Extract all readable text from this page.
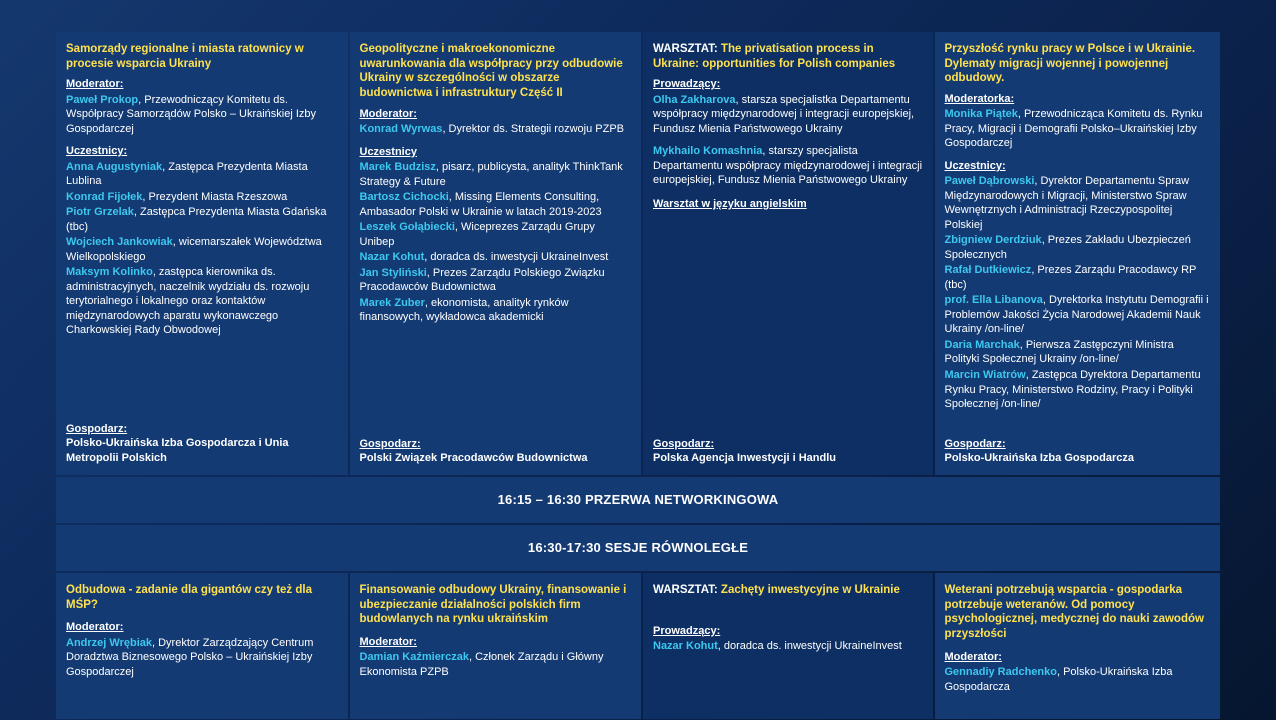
Samorządy regionalne i miasta ratownicy w procesie wsparcia Ukrainy
Moderator:
Paweł Prokop, Przewodniczący Komitetu ds. Współpracy Samorządów Polsko – Ukraińskiej Izby Gospodarczej
Uczestnicy:
Anna Augustyniak, Zastępca Prezydenta Miasta Lublina
Konrad Fijołek, Prezydent Miasta Rzeszowa
Piotr Grzelak, Zastępca Prezydenta Miasta Gdańska (tbc)
Wojciech Jankowiak, wicemarszałek Województwa Wielkopolskiego
Maksym Kolinko, zastępca kierownika ds. administracyjnych, naczelnik wydziału ds. rozwoju terytorialnego i lokalnego oraz kontaktów międzynarodowych aparatu wykonawczego Charkowskiej Rady Obwodowej
Gospodarz:
Polsko-Ukraińska Izba Gospodarcza i Unia Metropolii Polskich
Geopolityczne i makroekonomiczne uwarunkowania dla współpracy przy odbudowie Ukrainy w szczególności w obszarze budownictwa i infrastruktury Część II
Moderator:
Konrad Wyrwas, Dyrektor ds. Strategii rozwoju PZPB
Uczestnicy
Marek Budzisz, pisarz, publicysta, analityk ThinkTank Strategy & Future
Bartosz Cichocki, Missing Elements Consulting, Ambasador Polski w Ukrainie w latach 2019-2023
Leszek Gołąbiecki, Wiceprezes Zarządu Grupy Unibep
Nazar Kohut, doradca ds. inwestycji UkraineInvest
Jan Styliński, Prezes Zarządu Polskiego Związku Pracodawców Budownictwa
Marek Zuber, ekonomista, analityk rynków finansowych, wykładowca akademicki
Gospodarz:
Polski Związek Pracodawców Budownictwa
WARSZTAT: The privatisation process in Ukraine: opportunities for Polish companies
Prowadzący:
Olha Zakharova, starsza specjalistka Departamentu współpracy międzynarodowej i integracji europejskiej, Fundusz Mienia Państwowego Ukrainy
Mykhailo Komashnia, starszy specjalista Departamentu współpracy międzynarodowej i integracji europejskiej, Fundusz Mienia Państwowego Ukrainy
Warsztat w języku angielskim
Gospodarz:
Polska Agencja Inwestycji i Handlu
Przyszłość rynku pracy w Polsce i w Ukrainie. Dylematy migracji wojennej i powojennej odbudowy.
Moderatorka:
Monika Piątek, Przewodnicząca Komitetu ds. Rynku Pracy, Migracji i Demografii Polsko–Ukraińskiej Izby Gospodarczej
Uczestnicy:
Paweł Dąbrowski, Dyrektor Departamentu Spraw Międzynarodowych i Migracji, Ministerstwo Spraw Wewnętrznych i Administracji Rzeczypospolitej Polskiej
Zbigniew Derdziuk, Prezes Zakładu Ubezpieczeń Społecznych
Rafał Dutkiewicz, Prezes Zarządu Pracodawcy RP (tbc)
prof. Ella Libanova, Dyrektorka Instytutu Demografii i Problemów Jakości Życia Narodowej Akademii Nauk Ukrainy /on-line/
Daria Marchak, Pierwsza Zastępczyni Ministra Polityki Społecznej Ukrainy /on-line/
Marcin Wiatrów, Zastępca Dyrektora Departamentu Rynku Pracy, Ministerstwo Rodziny, Pracy i Polityki Społecznej /on-line/
Gospodarz:
Polsko-Ukraińska Izba Gospodarcza
16:15 – 16:30 PRZERWA NETWORKINGOWA
16:30-17:30 SESJE RÓWNOLEGŁE
Odbudowa - zadanie dla gigantów czy też dla MŚP?
Moderator:
Andrzej Wrębiak, Dyrektor Zarządzający Centrum Doradztwa Biznesowego Polsko – Ukraińskiej Izby Gospodarczej
Finansowanie odbudowy Ukrainy, finansowanie i ubezpieczanie działalności polskich firm budowlanych na rynku ukraińskim
Moderator:
Damian Kaźmierczak, Członek Zarządu i Główny Ekonomista PZPB
WARSZTAT: Zachęty inwestycyjne w Ukrainie
Prowadzący:
Nazar Kohut, doradca ds. inwestycji UkraineInvest
Weterani potrzebują wsparcia - gospodarka potrzebuje weteranów. Od pomocy psychologicznej, medycznej do nauki zawodów przyszłości
Moderator:
Gennadiy Radchenko, Polsko-Ukraińska Izba Gospodarcza
